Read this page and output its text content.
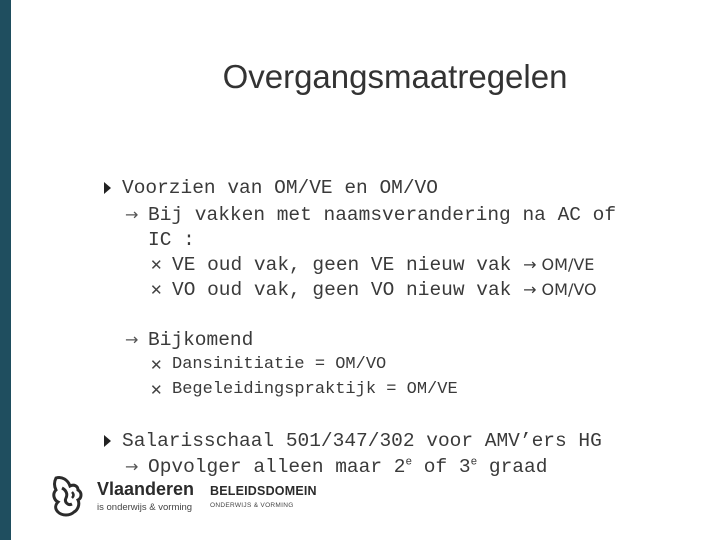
Overgangsmaatregelen
Voorzien van OM/VE en OM/VO
→ Bij vakken met naamsverandering na AC of
IC :
✕ VE oud vak, geen VE nieuw vak → OM/VE
✕ VO oud vak, geen VO nieuw vak → OM/VO
→ Bijkomend
✕ Dansinitiatie = OM/VO
✕ Begeleidingspraktijk = OM/VE
Salarisschaal 501/347/302 voor AMV’ers HG
→ Opvolger alleen maar 2e of 3e graad
Vlaanderen
is onderwijs & vorming
BELEIDSDOMEIN
ONDERWIJS & VORMING
